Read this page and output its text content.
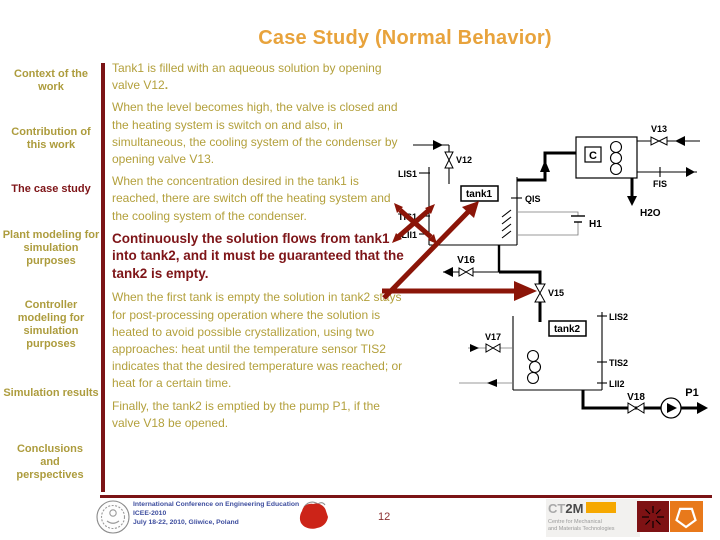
Case Study (Normal Behavior)
Context of the work
Contribution of this work
The case study
Plant modeling for simulation purposes
Controller modeling for simulation purposes
Simulation results
Conclusions and perspectives

Tank1 is filled with an aqueous solution by opening valve V12.

When the level becomes high, the valve is closed and the heating system is switch on and also, in simultaneous, the cooling system of the condenser by opening valve V13.

When the concentration desired in the tank1 is reached, there are switch off the heating system and the cooling system of the condenser.

Continuously the solution flows from tank1 into tank2, and it must be guaranteed that the tank2 is empty.

When the first tank is empty the solution in tank2 stays for post-processing operation where the solution is heated to avoid possible crystallization, using two approaches: heat until the temperature sensor TIS2 indicates that the desired temperature was reached; or heat for a certain time.

Finally, the tank2 is emptied by the pump P1, if the valve V18 be opened.

V12
LIS1
TIS1
LII1
QIS
tank1
H1
C
V13
FIS
H2O
V16
V15
LIS2
TIS2
LII2
tank2
V17
V18	P1
International Conference on Engineering Education
ICEE-2010
July 18-22, 2010, Gliwice, Poland	12
CT2M
Centre for Mechanical
and Materials Technologies
